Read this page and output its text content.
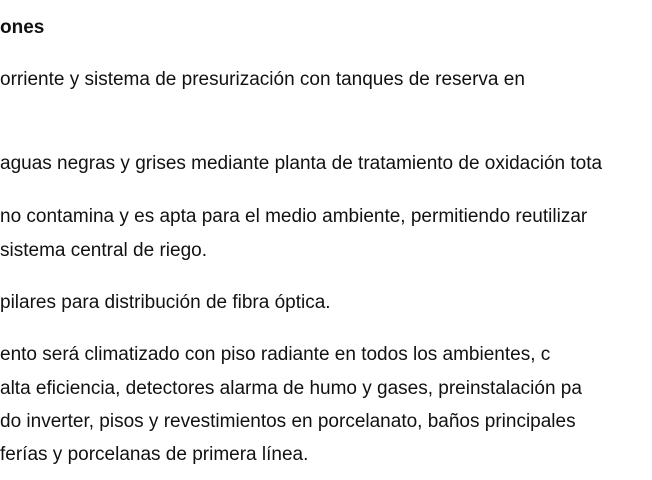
ones
orriente y sistema de presurización con tanques de reserva en
aguas negras y grises mediante planta de tratamiento de oxidación tota
no contamina y es apta para el medio ambiente, permitiendo reutilizar
sistema central de riego.
pilares para distribución de fibra óptica.
ento será climatizado con piso radiante en todos los ambientes, c
alta eficiencia, detectores alarma de humo y gases, preinstalación pa
do inverter, pisos y revestimientos en porcelanato, baños principales
ferías y porcelanas de primera línea.
